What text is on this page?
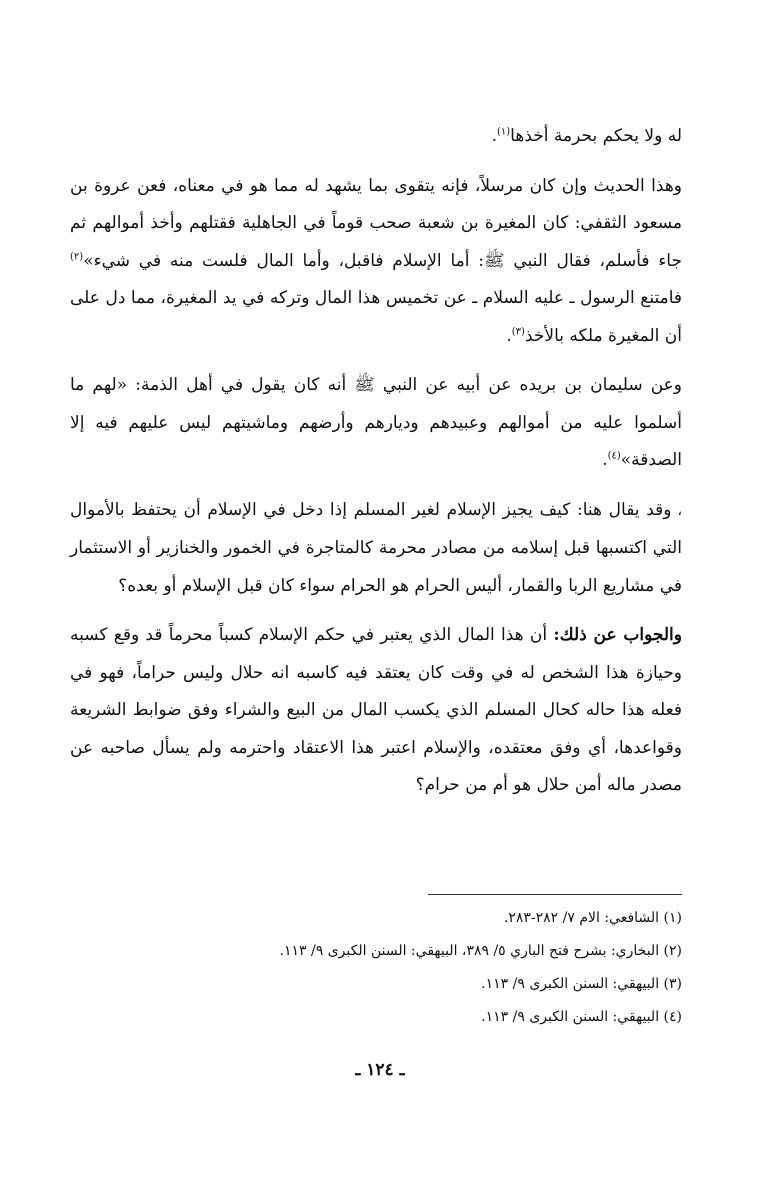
له ولا يحكم بحرمة أخذها$^{(١)}$.

وهذا الحديث وإن كان مرسلاً، فإنه يتقوى بما يشهد له مما هو في معناه، فعن عروة بن مسعود الثقفي: كان المغيرة بن شعبة صحب قوماً في الجاهلية فقتلهم وأخذ أموالهم ثم جاء فأسلم، فقال النبي ﷺ: أما الإسلام فاقبل، وأما المال فلست منه في شيء»$^{(٢)}$ فامتنع الرسول ـ عليه السلام ـ عن تخميس هذا المال وتركه في يد المغيرة، مما دل على أن المغيرة ملكه بالأخذ$^{(٣)}$.

وعن سليمان بن بريده عن أبيه عن النبي ﷺ أنه كان يقول في أهل الذمة: «لهم ما أسلموا عليه من أموالهم وعبيدهم وديارهم وأرضهم وماشيتهم ليس عليهم فيه إلا الصدقة»$^{(٤)}$.

،وقد يقال هنا: كيف يجيز الإسلام لغير المسلم إذا دخل في الإسلام أن يحتفظ بالأموال التي اكتسبها قبل إسلامه من مصادر محرمة كالمتاجرة في الخمور والخنازير أو الاستثمار في مشاريع الربا والقمار، أليس الحرام هو الحرام سواء كان قبل الإسلام أو بعده؟

والجواب عن ذلك: أن هذا المال الذي يعتبر في حكم الإسلام كسباً محرماً قد وقع كسبه وحيازة هذا الشخص له في وقت كان يعتقد فيه كاسبه انه حلال وليس حراماً، فهو في فعله هذا حاله كحال المسلم الذي يكسب المال من البيع والشراء وفق ضوابط الشريعة وقواعدها، أي وفق معتقده، والإسلام اعتبر هذا الاعتقاد واحترمه ولم يسأل صاحبه عن مصدر ماله أمن حلال هو أم من حرام؟

(١) الشافعي: الام ٧/ ٢٨٢-٢٨٣.
(٢) البخاري: بشرح فتح الباري ٥/ ٣٨٩، البيهقي: السنن الكبرى ٩/ ١١٣.
(٣) البيهقي: السنن الكبرى ٩/ ١١٣.
(٤) البيهقي: السنن الكبرى ٩/ ١١٣.
ـ ١٢٤ ـ
